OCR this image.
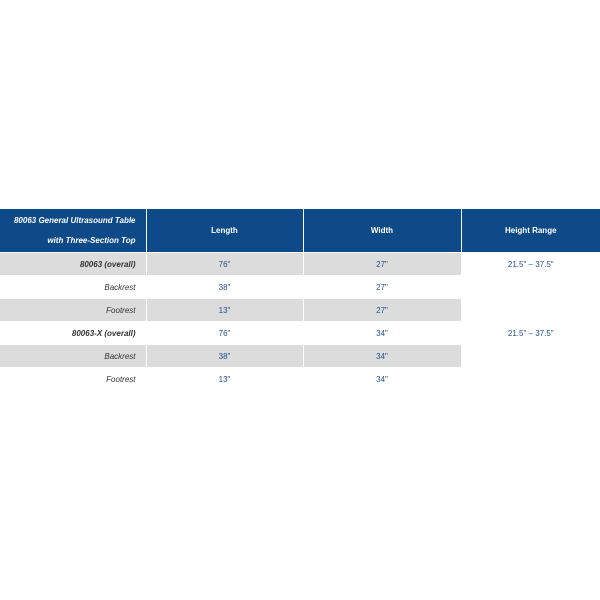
80063 General Ultrasound Table
with Three-Section Top	Length	Width	Height Range
80063 (overall)	76"	27"	21.5" – 37.5"
Backrest	38"	27"	
Footrest	13"	27"	
80063-X (overall)	76"	34"	21.5" – 37.5"
Backrest	38"	34"	
Footrest	13"	34"	
